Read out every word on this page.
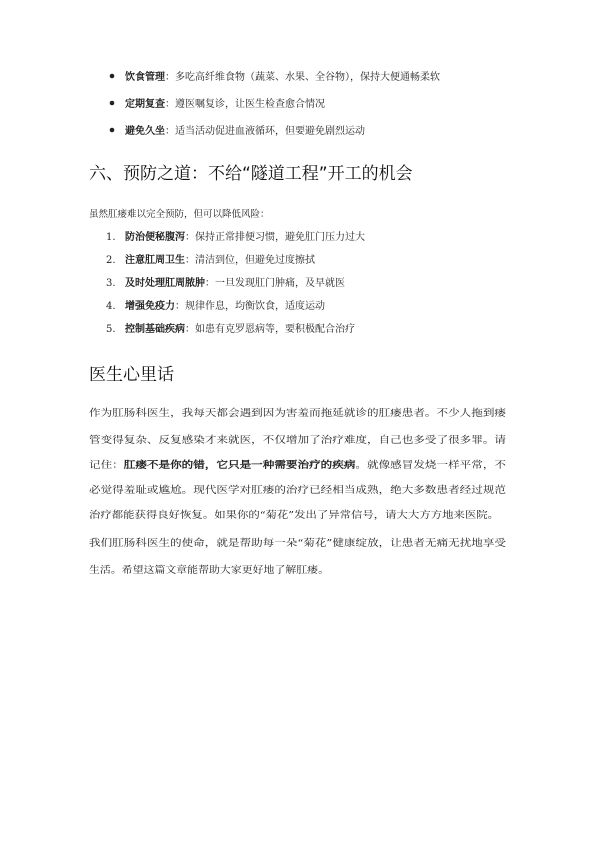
饮食管理：多吃高纤维食物（蔬菜、水果、全谷物），保持大便通畅柔软
定期复查：遵医嘱复诊，让医生检查愈合情况
避免久坐：适当活动促进血液循环，但要避免剧烈运动
六、预防之道：不给“隧道工程”开工的机会
虽然肛瘘难以完全预防，但可以降低风险：
1. 防治便秘腹泻：保持正常排便习惯，避免肛门压力过大
2. 注意肛周卫生：清洁到位，但避免过度擦拭
3. 及时处理肛周脓肿：一旦发现肛门肿痛，及早就医
4. 增强免疫力：规律作息，均衡饮食，适度运动
5. 控制基础疾病：如患有克罗恩病等，要积极配合治疗
医生心里话
作为肛肠科医生，我每天都会遇到因为害羞而拖延就诊的肛瘘患者。不少人拖到瘘
管变得复杂、反复感染才来就医，不仅增加了治疗难度，自己也多受了很多罪。请
记住： 肛瘘不是你的错，它只是一种需要治疗的疾病	。就像感冒发烧一样平常，不
必觉得羞耻或尴尬。现代医学对肛瘘的治疗已经相当成熟，绝大多数患者经过规范
治疗都能获得良好恢复。如果你的“菊花”发出了异常信号，请大大方方地来医院。
我们肛肠科医生的使命，就是帮助每一朵“菊花”健康绽放，让患者无痛无扰地享受
生活。希望这篇文章能帮助大家更好地了解肛瘘。
